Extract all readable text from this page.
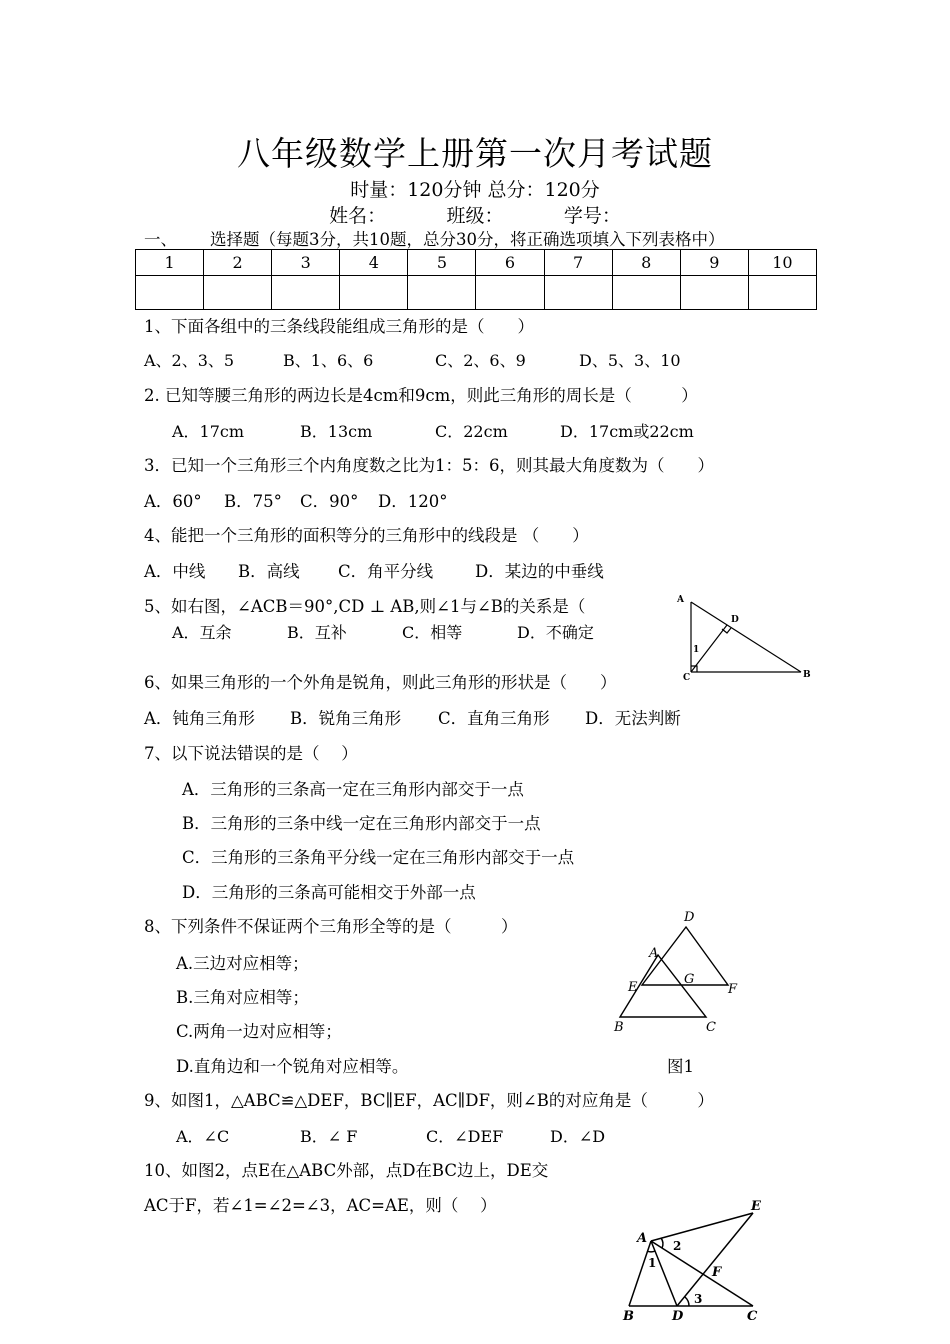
八年级数学上册第一次月考试题
时量：120分钟 总分：120分
姓名：          班级：          学号：
一、 选择题（每题3分，共10题，总分30分，将正确选项填入下列表格中）
1	2	3	4	5	6	7	8	9	10

1、下面各组中的三条线段能组成三角形的是（　　）
A、2、3、5	B、1、6、6	C、2、6、9	D、5、3、10
2. 已知等腰三角形的两边长是4cm和9cm，则此三角形的周长是（　　　）
A．17cm	B．13cm	C．22cm	D．17cm或22cm
3．已知一个三角形三个内角度数之比为1：5：6，则其最大角度数为（　　）
A．60° B．75° C．90° D．120°
4、能把一个三角形的面积等分的三角形中的线段是 （　　）
A．中线 B．高线 C．角平分线	D．某边的中垂线
5、如右图，∠ACB＝90°,CD ⊥ AB,则∠1与∠B的关系是（
A．互余	B．互补	C．相等	D．不确定
A
D
1
C	B
6、如果三角形的一个外角是锐角，则此三角形的形状是（　　）
A．钝角三角形 B．锐角三角形 C．直角三角形 D．无法判断
7、以下说法错误的是（　 ）
A．三角形的三条高一定在三角形内部交于一点
B．三角形的三条中线一定在三角形内部交于一点
C．三角形的三条角平分线一定在三角形内部交于一点
D．三角形的三条高可能相交于外部一点
8、下列条件不保证两个三角形全等的是（　　　）
A.三边对应相等；
B.三角对应相等；
C.两角一边对应相等；
D.直角边和一个锐角对应相等。
D
A
E
G
F
B	C
图1
9、如图1，△ABC≌△DEF，BC∥EF，AC∥DF，则∠B的对应角是（　　　）
A．∠C	B．∠ F	C．∠DEF	D．∠D
10、如图2，点E在△ABC外部，点D在BC边上，DE交
AC于F，若∠1=∠2=∠3，AC=AE，则（　 ）	E
A
F
B	D	C
1
2
3
